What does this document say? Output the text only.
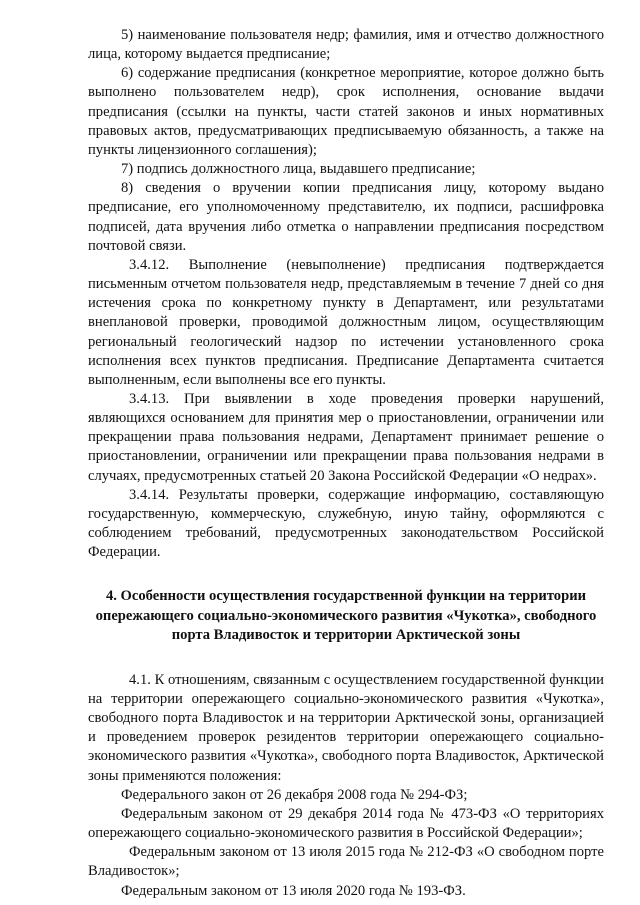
5) наименование пользователя недр; фамилия, имя и отчество должностного лица, которому выдается предписание;

6) содержание предписания (конкретное мероприятие, которое должно быть выполнено пользователем недр), срок исполнения, основание выдачи предписания (ссылки на пункты, части статей законов и иных нормативных правовых актов, предусматривающих предписываемую обязанность, а также на пункты лицензионного соглашения);

7) подпись должностного лица, выдавшего предписание;

8) сведения о вручении копии предписания лицу, которому выдано предписание, его уполномоченному представителю, их подписи, расшифровка подписей, дата вручения либо отметка о направлении предписания посредством почтовой связи.

3.4.12. Выполнение (невыполнение) предписания подтверждается письменным отчетом пользователя недр, представляемым в течение 7 дней со дня истечения срока по конкретному пункту в Департамент, или результатами внеплановой проверки, проводимой должностным лицом, осуществляющим региональный геологический надзор по истечении установленного срока исполнения всех пунктов предписания. Предписание Департамента считается выполненным, если выполнены все его пункты.

3.4.13. При выявлении в ходе проведения проверки нарушений, являющихся основанием для принятия мер о приостановлении, ограничении или прекращении права пользования недрами, Департамент принимает решение о приостановлении, ограничении или прекращении права пользования недрами в случаях, предусмотренных статьей 20 Закона Российской Федерации «О недрах».

3.4.14. Результаты проверки, содержащие информацию, составляющую государственную, коммерческую, служебную, иную тайну, оформляются с соблюдением требований, предусмотренных законодательством Российской Федерации.

4. Особенности осуществления государственной функции на территории опережающего социально-экономического развития «Чукотка», свободного порта Владивосток и территории Арктической зоны

4.1. К отношениям, связанным с осуществлением государственной функции на территории опережающего социально-экономического развития «Чукотка», свободного порта Владивосток и на территории Арктической зоны, организацией и проведением проверок резидентов территории опережающего социально-экономического развития «Чукотка», свободного порта Владивосток, Арктической зоны применяются положения:

Федерального закон от 26 декабря 2008 года № 294-ФЗ;

Федеральным законом от 29 декабря 2014 года № 473-ФЗ «О территориях опережающего социально-экономического развития в Российской Федерации»;

Федеральным законом от 13 июля 2015 года № 212-ФЗ «О свободном порте Владивосток»;

Федеральным законом от 13 июля 2020 года № 193-ФЗ.
